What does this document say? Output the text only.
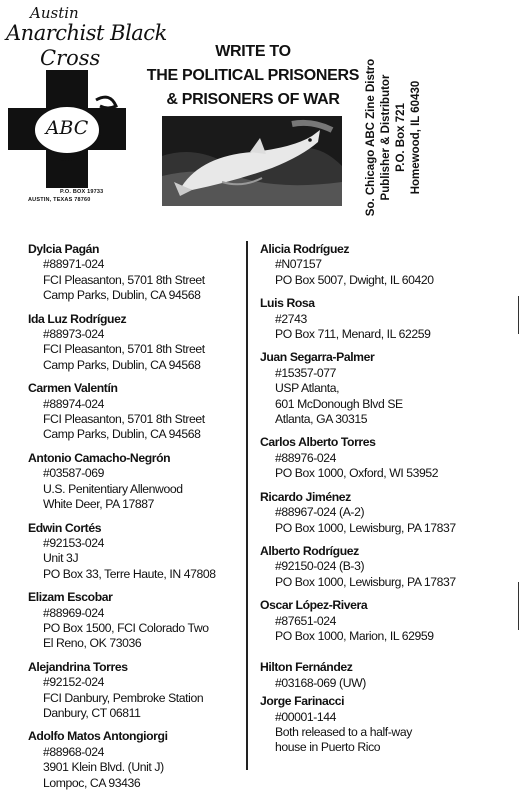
Austin
Anarchist Black
Cross
ABC
P.O. BOX 19733
AUSTIN, TEXAS 78760
WRITE TO
THE POLITICAL PRISONERS
& PRISONERS OF WAR	So. Chicago ABC Zine Distro Publisher & Distributor P.O. Box 721 Homewood, IL 60430
Dylcia Pagán
#88971-024
FCI Pleasanton, 5701 8th Street
Camp Parks, Dublin, CA 94568
Ida Luz Rodríguez
#88973-024
FCI Pleasanton, 5701 8th Street
Camp Parks, Dublin, CA 94568
Carmen Valentín
#88974-024
FCI Pleasanton, 5701 8th Street
Camp Parks, Dublin, CA 94568
Antonio Camacho-Negrón
#03587-069
U.S. Penitentiary Allenwood
White Deer, PA 17887
Edwin Cortés
#92153-024
Unit 3J
PO Box 33, Terre Haute, IN 47808
Elizam Escobar
#88969-024
PO Box 1500, FCI Colorado Two
El Reno, OK 73036
Alejandrina Torres
#92152-024
FCI Danbury, Pembroke Station
Danbury, CT 06811
Adolfo Matos Antongiorgi
#88968-024
3901 Klein Blvd. (Unit J)
Lompoc, CA 93436
Alicia Rodríguez
#N07157
PO Box 5007, Dwight, IL 60420
Luis Rosa
#2743
PO Box 711, Menard, IL 62259
Juan Segarra-Palmer
#15357-077
USP Atlanta,
601 McDonough Blvd SE
Atlanta, GA 30315
Carlos Alberto Torres
#88976-024
PO Box 1000, Oxford, WI 53952
Ricardo Jiménez
#88967-024 (A-2)
PO Box 1000, Lewisburg, PA 17837
Alberto Rodríguez
#92150-024 (B-3)
PO Box 1000, Lewisburg, PA 17837
Oscar López-Rivera
#87651-024
PO Box 1000, Marion, IL 62959
Hilton Fernández
#03168-069 (UW)
Jorge Farinacci
#00001-144
Both released to a half-way
house in Puerto Rico
